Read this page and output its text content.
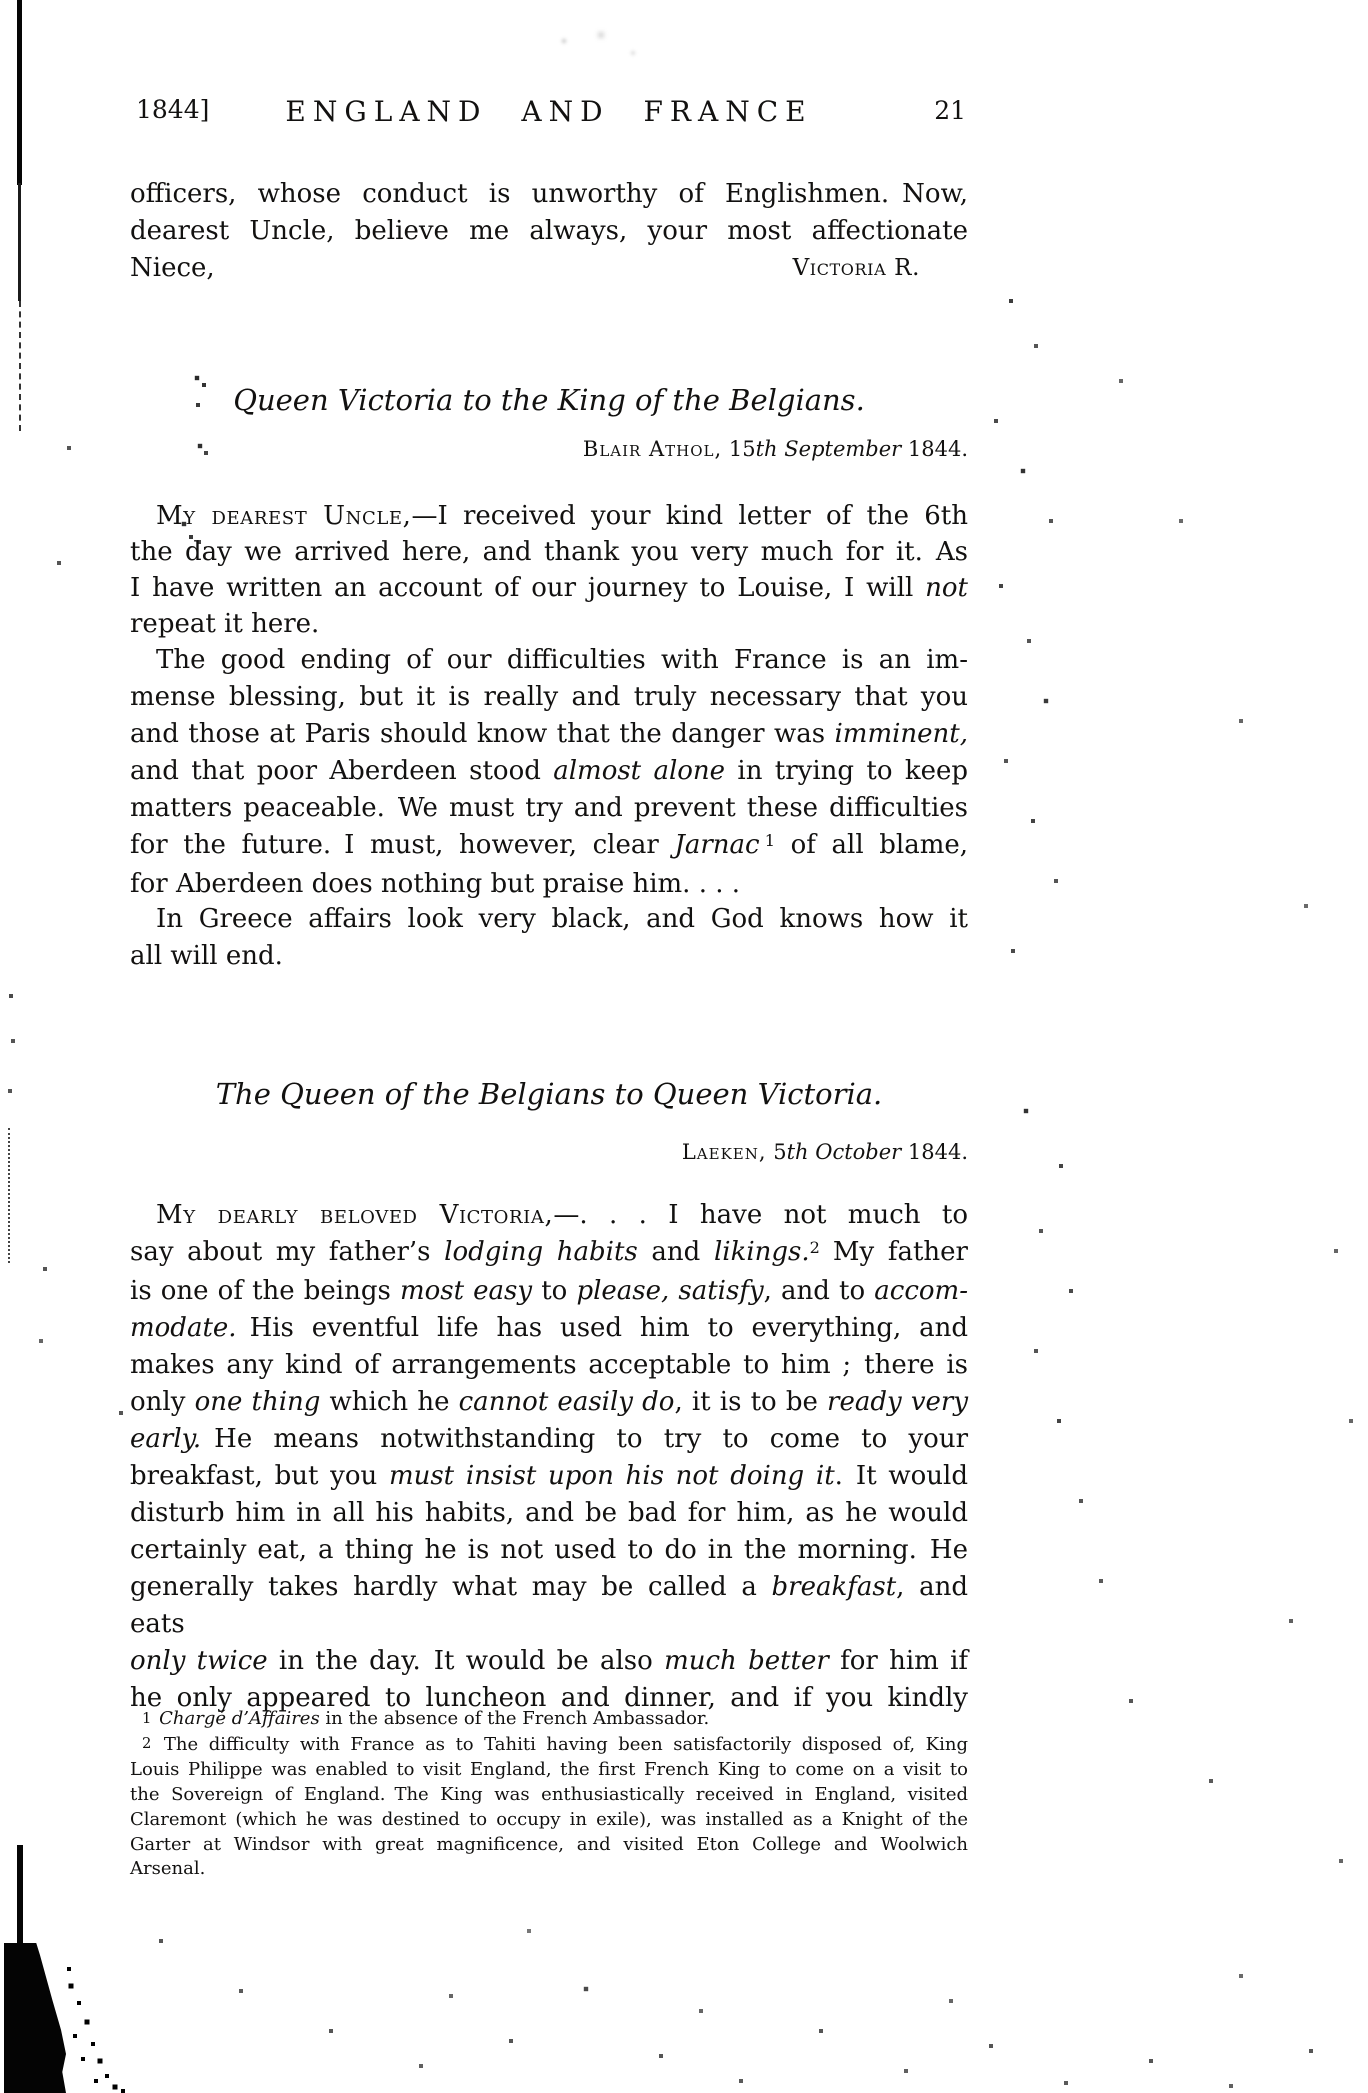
1844]	ENGLAND AND FRANCE	21
officers, whose conduct is unworthy of Englishmen. Now,
dearest Uncle, believe me always, your most affectionate
Niece,	Victoria R.
Queen Victoria to the King of the Belgians.
Blair Athol, 15th September 1844.
My dearest Uncle,—I received your kind letter of the 6th
the day we arrived here, and thank you very much for it. As
I have written an account of our journey to Louise, I will not
repeat it here.
The good ending of our difficulties with France is an im-
mense blessing, but it is really and truly necessary that you
and those at Paris should know that the danger was imminent,
and that poor Aberdeen stood almost alone in trying to keep
matters peaceable. We must try and prevent these difficulties
for the future. I must, however, clear Jarnac  $^1$ of all blame,
for Aberdeen does nothing but praise him. . . .
In Greece affairs look very black, and God knows how it
all will end.
The Queen of the Belgians to Queen Victoria.
Laeken, 5th October 1844.
My dearly beloved Victoria,—. . . I have not much to
say about my father’s lodging habits and likings.$^2$ My father
is one of the beings most easy to please, satisfy, and to accom-
modate. His eventful life has used him to everything, and
makes any kind of arrangements acceptable to him ; there is
only one thing which he cannot easily do, it is to be ready very
early. He means notwithstanding to try to come to your
breakfast, but you must insist upon his not doing it. It would
disturb him in all his habits, and be bad for him, as he would
certainly eat, a thing he is not used to do in the morning. He
generally takes hardly what may be called a breakfast, and eats
only twice in the day. It would be also much better for him if
he only appeared to luncheon and dinner, and if you kindly
1 Chargé d’Affaires in the absence of the French Ambassador.
2 The difficulty with France as to Tahiti having been satisfactorily disposed of, King
Louis Philippe was enabled to visit England, the first French King to come on a visit to
the Sovereign of England. The King was enthusiastically received in England, visited
Claremont (which he was destined to occupy in exile), was installed as a Knight of the
Garter at Windsor with great magnificence, and visited Eton College and Woolwich
Arsenal.
